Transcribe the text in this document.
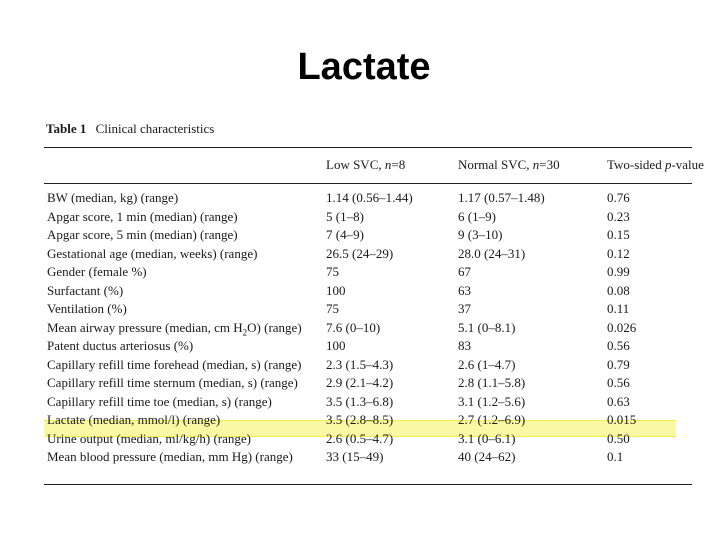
Lactate
Table 1 Clinical characteristics
Low SVC, n=8	Normal SVC, n=30	Two-sided p-value
BW (median, kg) (range)	1.14 (0.56–1.44)	1.17 (0.57–1.48)	0.76
Apgar score, 1 min (median) (range)	5 (1–8)	6 (1–9)	0.23
Apgar score, 5 min (median) (range)	7 (4–9)	9 (3–10)	0.15
Gestational age (median, weeks) (range)	26.5 (24–29)	28.0 (24–31)	0.12
Gender (female %)	75	67	0.99
Surfactant (%)	100	63	0.08
Ventilation (%)	75	37	0.11
Mean airway pressure (median, cm $H_2O$) (range) 7.6 (0–10)	5.1 (0–8.1)	0.026
Patent ductus arteriosus (%)	100	83	0.56
Capillary refill time forehead (median, s) (range) 2.3 (1.5–4.3)	2.6 (1–4.7)	0.79
Capillary refill time sternum (median, s) (range) 2.9 (2.1–4.2)	2.8 (1.1–5.8)	0.56
Capillary refill time toe (median, s) (range)	3.5 (1.3–6.8)	3.1 (1.2–5.6)	0.63
Lactate (median, mmol/l) (range)	3.5 (2.8–8.5)	2.7 (1.2–6.9)	0.015
Urine output (median, ml/kg/h) (range)	2.6 (0.5–4.7)	3.1 (0–6.1)	0.50
Mean blood pressure (median, mm Hg) (range)	33 (15–49)	40 (24–62)	0.1
